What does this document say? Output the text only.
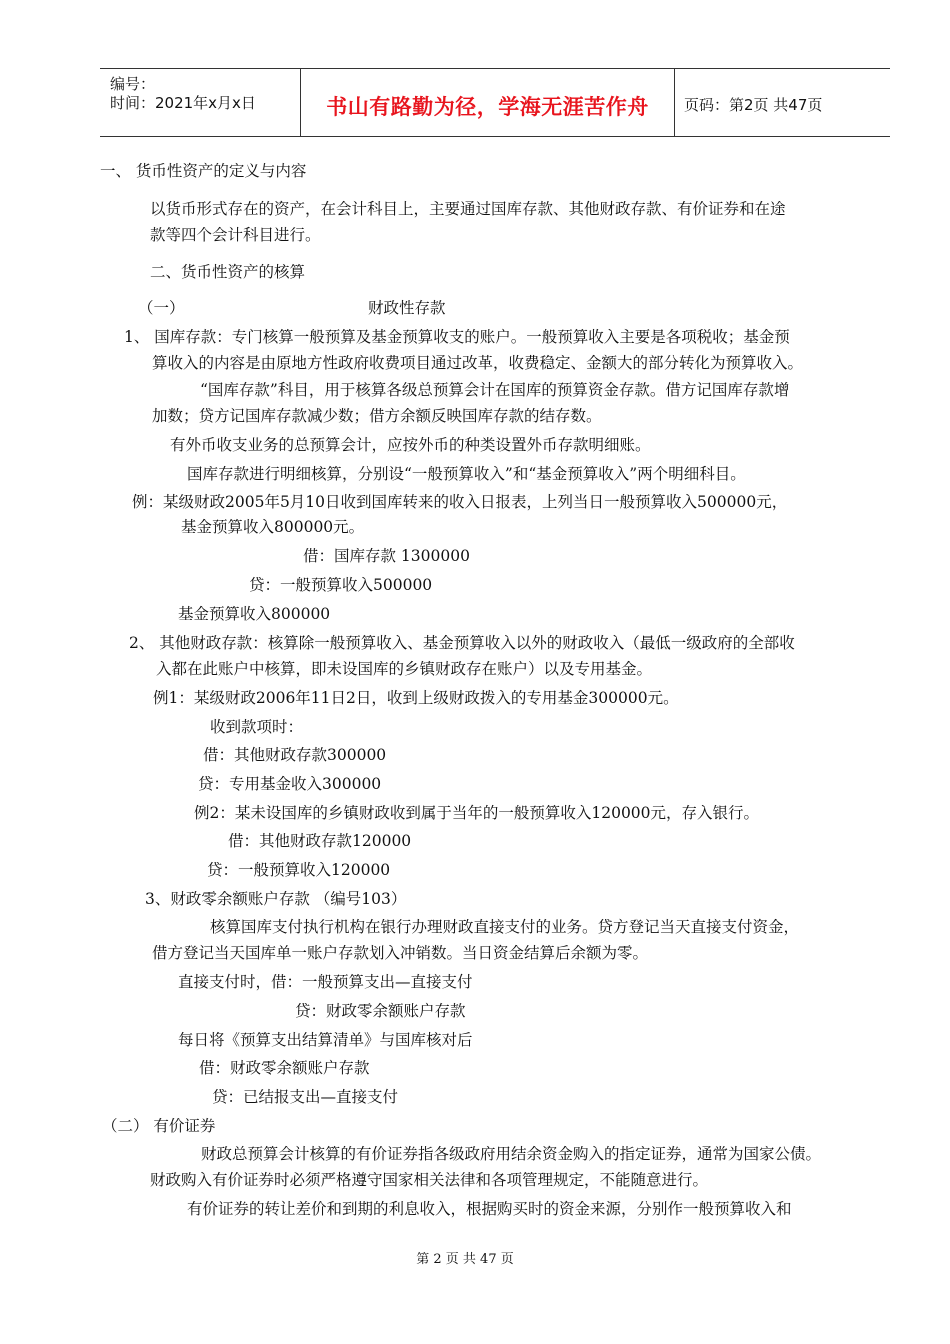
编号：
时间：2021年x月x日	书山有路勤为径，学海无涯苦作舟	页码：第2页 共47页
一、 货币性资产的定义与内容
以货币形式存在的资产，在会计科目上，主要通过国库存款、其他财政存款、有价证券和在途
款等四个会计科目进行。
二、货币性资产的核算
（一）	财政性存款
1、 国库存款：专门核算一般预算及基金预算收支的账户。一般预算收入主要是各项税收；基金预
算收入的内容是由原地方性政府收费项目通过改革，收费稳定、金额大的部分转化为预算收入。
“国库存款”科目，用于核算各级总预算会计在国库的预算资金存款。借方记国库存款增
加数；贷方记国库存款减少数；借方余额反映国库存款的结存数。
有外币收支业务的总预算会计，应按外币的种类设置外币存款明细账。
国库存款进行明细核算，分别设“一般预算收入”和“基金预算收入”两个明细科目。
例：某级财政2005年5月10日收到国库转来的收入日报表，上列当日一般预算收入500000元，
基金预算收入800000元。
借：国库存款 1300000
贷：一般预算收入500000
基金预算收入800000
2、 其他财政存款：核算除一般预算收入、基金预算收入以外的财政收入（最低一级政府的全部收
入都在此账户中核算，即未设国库的乡镇财政存在账户）以及专用基金。
例1：某级财政2006年11日2日，收到上级财政拨入的专用基金300000元。
收到款项时：
借：其他财政存款300000
贷：专用基金收入300000
例2：某未设国库的乡镇财政收到属于当年的一般预算收入120000元，存入银行。
借：其他财政存款120000
贷：一般预算收入120000
3、财政零余额账户存款 （编号103）
核算国库支付执行机构在银行办理财政直接支付的业务。贷方登记当天直接支付资金，
借方登记当天国库单一账户存款划入冲销数。当日资金结算后余额为零。
直接支付时，借：一般预算支出—直接支付
贷：财政零余额账户存款
每日将《预算支出结算清单》与国库核对后
借：财政零余额账户存款
贷：已结报支出—直接支付
（二） 有价证券
财政总预算会计核算的有价证券指各级政府用结余资金购入的指定证券，通常为国家公债。
财政购入有价证券时必须严格遵守国家相关法律和各项管理规定，不能随意进行。
有价证券的转让差价和到期的利息收入，根据购买时的资金来源，分别作一般预算收入和
第 2 页 共 47 页
